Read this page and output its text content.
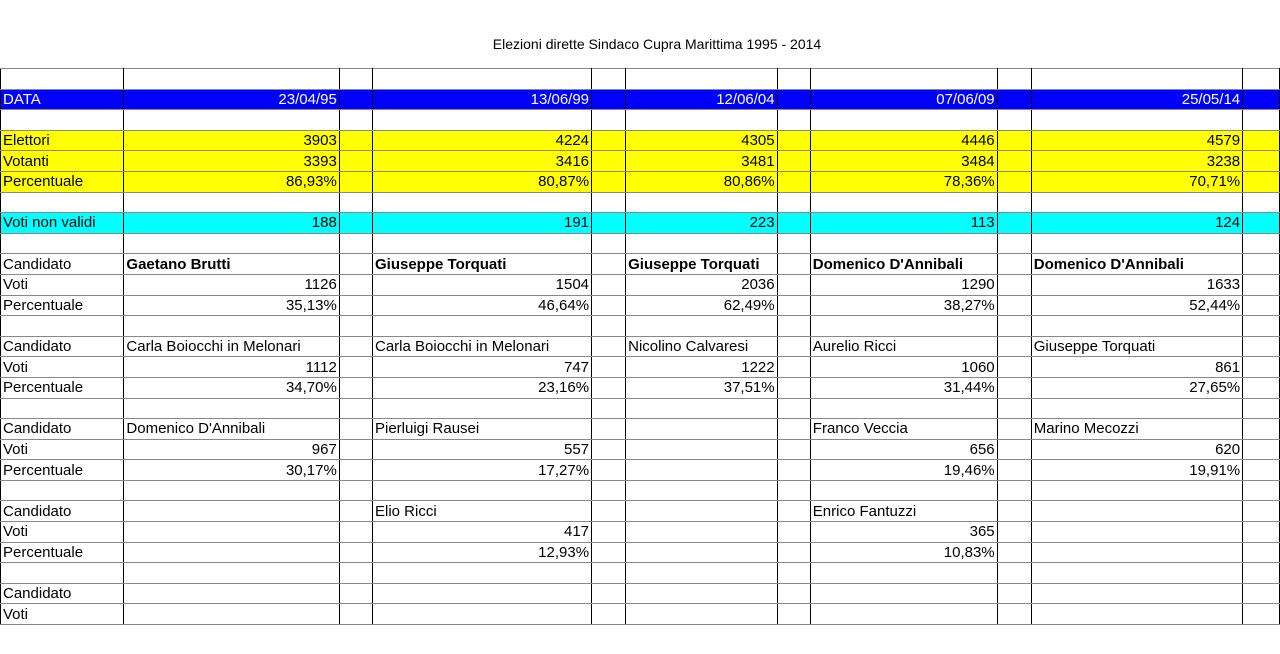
Elezioni dirette Sindaco Cupra Marittima 1995 - 2014

DATA	23/04/95		13/06/99		12/06/04		07/06/09		25/05/14	

Elettori	3903		4224		4305		4446		4579	
Votanti	3393		3416		3481		3484		3238	
Percentuale	86,93%		80,87%		80,86%		78,36%		70,71%	

Voti non validi	188		191		223		113		124	

Candidato	Gaetano Brutti		Giuseppe Torquati		Giuseppe Torquati		Domenico D'Annibali		Domenico D'Annibali	
Voti	1126		1504		2036		1290		1633	
Percentuale	35,13%		46,64%		62,49%		38,27%		52,44%	

Candidato	Carla Boiocchi in Melonari		Carla Boiocchi in Melonari		Nicolino Calvaresi		Aurelio Ricci		Giuseppe Torquati	
Voti	1112		747		1222		1060		861	
Percentuale	34,70%		23,16%		37,51%		31,44%		27,65%	

Candidato	Domenico D'Annibali		Pierluigi Rausei				Franco Veccia		Marino Mecozzi	
Voti	967		557				656		620	
Percentuale	30,17%		17,27%				19,46%		19,91%	

Candidato			Elio Ricci				Enrico Fantuzzi			
Voti			417				365			
Percentuale			12,93%				10,83%			

Candidato										
Voti										
